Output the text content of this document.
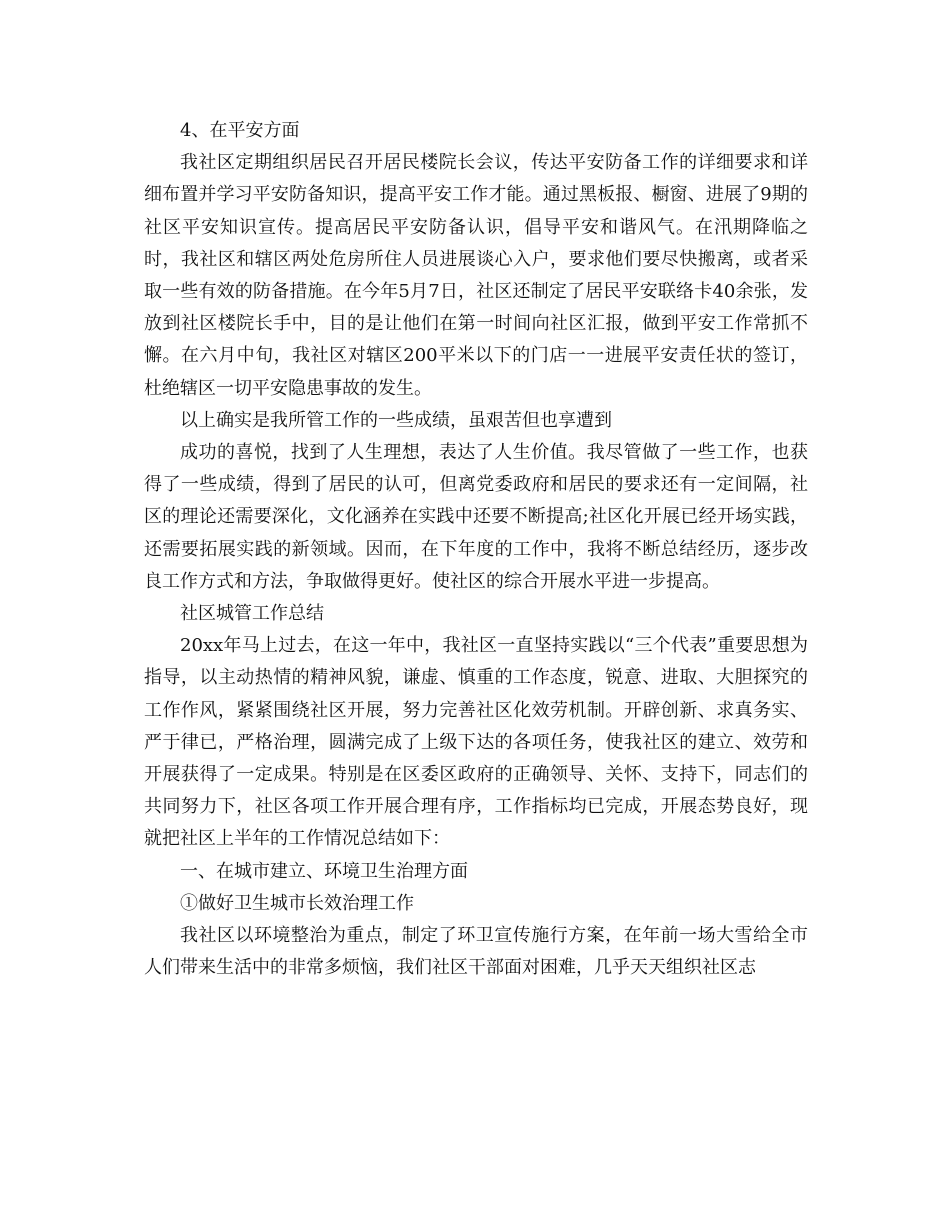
4、在平安方面

我社区定期组织居民召开居民楼院长会议，传达平安防备工作的详细要求和详细布置并学习平安防备知识，提高平安工作才能。通过黑板报、橱窗、进展了9期的社区平安知识宣传。提高居民平安防备认识，倡导平安和谐风气。在汛期降临之时，我社区和辖区两处危房所住人员进展谈心入户，要求他们要尽快搬离，或者采取一些有效的防备措施。在今年5月7日，社区还制定了居民平安联络卡40余张，发放到社区楼院长手中，目的是让他们在第一时间向社区汇报，做到平安工作常抓不懈。在六月中旬，我社区对辖区200平米以下的门店一一进展平安责任状的签订，杜绝辖区一切平安隐患事故的发生。

以上确实是我所管工作的一些成绩，虽艰苦但也享遭到

成功的喜悦，找到了人生理想，表达了人生价值。我尽管做了一些工作，也获得了一些成绩，得到了居民的认可，但离党委政府和居民的要求还有一定间隔，社区的理论还需要深化，文化涵养在实践中还要不断提高;社区化开展已经开场实践，还需要拓展实践的新领域。因而，在下年度的工作中，我将不断总结经历，逐步改良工作方式和方法，争取做得更好。使社区的综合开展水平进一步提高。

社区城管工作总结

20xx年马上过去，在这一年中，我社区一直坚持实践以“三个代表”重要思想为指导，以主动热情的精神风貌，谦虚、慎重的工作态度，锐意、进取、大胆探究的工作作风，紧紧围绕社区开展，努力完善社区化效劳机制。开辟创新、求真务实、严于律已，严格治理，圆满完成了上级下达的各项任务，使我社区的建立、效劳和开展获得了一定成果。特别是在区委区政府的正确领导、关怀、支持下，同志们的共同努力下，社区各项工作开展合理有序，工作指标均已完成，开展态势良好，现就把社区上半年的工作情况总结如下：

一、在城市建立、环境卫生治理方面

①做好卫生城市长效治理工作

我社区以环境整治为重点，制定了环卫宣传施行方案，在年前一场大雪给全市人们带来生活中的非常多烦恼，我们社区干部面对困难，几乎天天组织社区志
